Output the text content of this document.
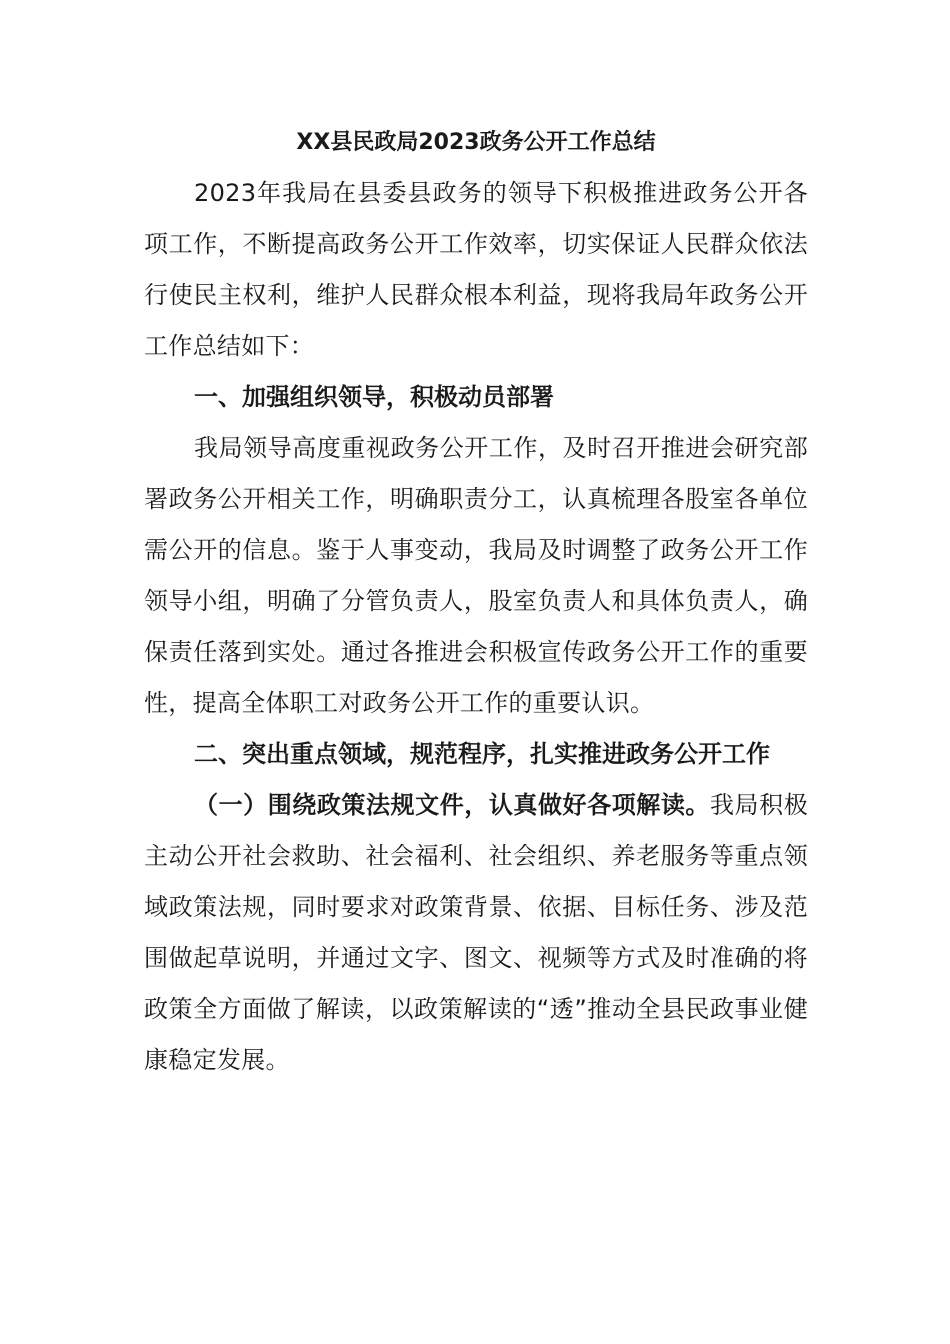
XX县民政局2023政务公开工作总结

2023年我局在县委县政务的领导下积极推进政务公开各项工作，不断提高政务公开工作效率，切实保证人民群众依法行使民主权利，维护人民群众根本利益，现将我局年政务公开工作总结如下：

一、加强组织领导，积极动员部署

我局领导高度重视政务公开工作，及时召开推进会研究部署政务公开相关工作，明确职责分工，认真梳理各股室各单位需公开的信息。鉴于人事变动，我局及时调整了政务公开工作领导小组，明确了分管负责人，股室负责人和具体负责人，确保责任落到实处。通过各推进会积极宣传政务公开工作的重要性，提高全体职工对政务公开工作的重要认识。

二、突出重点领域，规范程序，扎实推进政务公开工作

（一）围绕政策法规文件，认真做好各项解读。我局积极主动公开社会救助、社会福利、社会组织、养老服务等重点领域政策法规，同时要求对政策背景、依据、目标任务、涉及范围做起草说明，并通过文字、图文、视频等方式及时准确的将政策全方面做了解读，以政策解读的“透”推动全县民政事业健康稳定发展。
